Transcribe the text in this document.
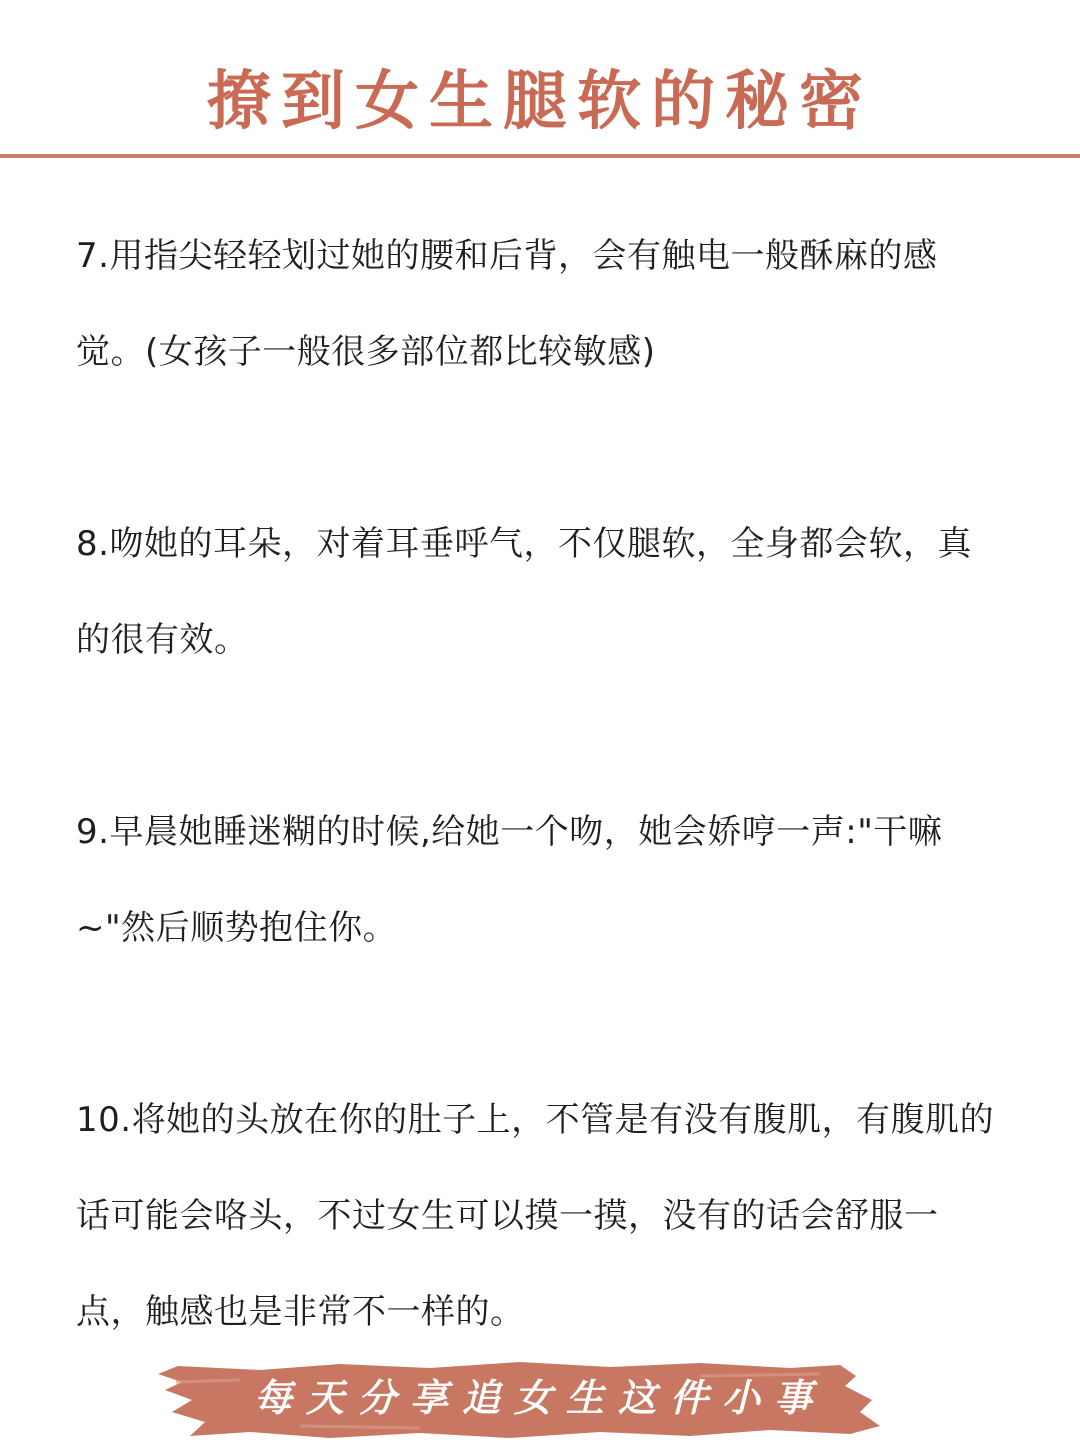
撩到女生腿软的秘密

7.用指尖轻轻划过她的腰和后背，会有触电一般酥麻的感觉。(女孩子一般很多部位都比较敏感)

8.吻她的耳朵，对着耳垂呼气，不仅腿软，全身都会软，真的很有效。

9.早晨她睡迷糊的时候,给她一个吻，她会娇哼一声:"干嘛~"然后顺势抱住你。

10.将她的头放在你的肚子上，不管是有没有腹肌，有腹肌的话可能会咯头，不过女生可以摸一摸，没有的话会舒服一点，触感也是非常不一样的。

每天分享追女生这件小事
